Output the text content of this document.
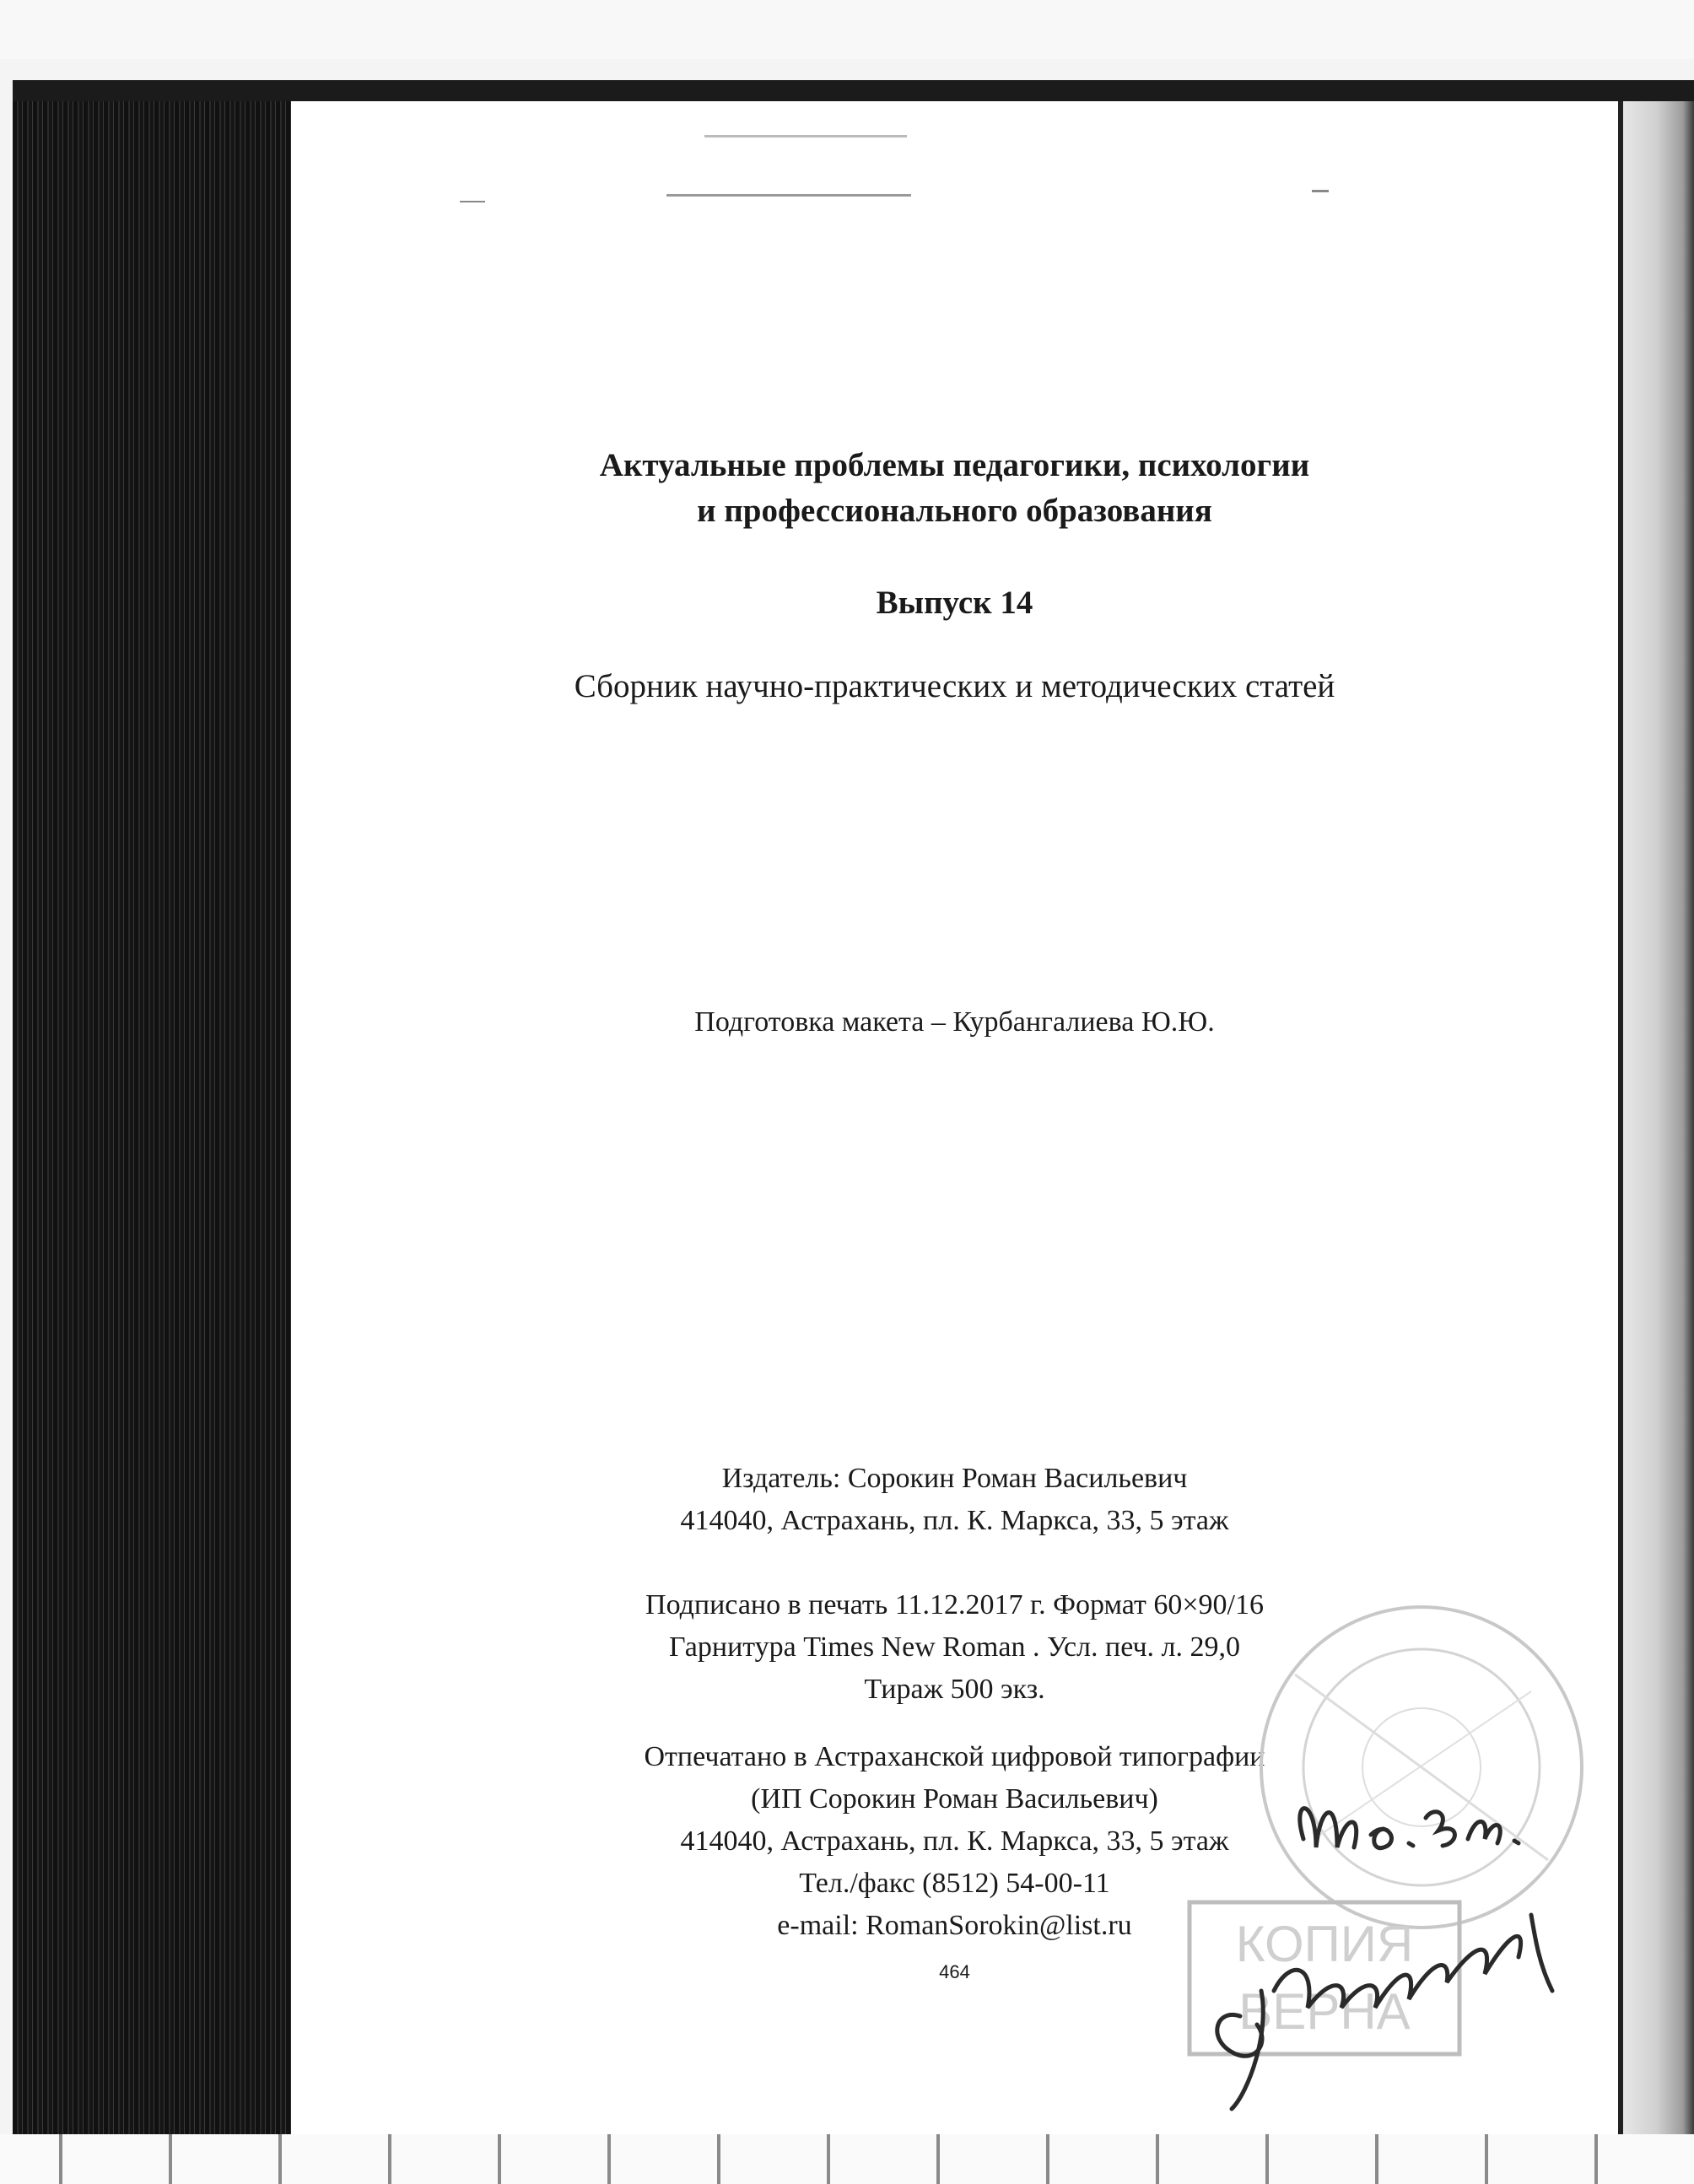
Актуальные проблемы педагогики, психологии
и профессионального образования
Выпуск 14
Сборник научно-практических и методических статей
Подготовка макета – Курбангалиева Ю.Ю.
Издатель: Сорокин Роман Васильевич
414040, Астрахань, пл. К. Маркса, 33, 5 этаж
Подписано в печать 11.12.2017 г. Формат 60×90/16
Гарнитура Times New Roman . Усл. печ. л. 29,0
Тираж 500 экз.
Отпечатано в Астраханской цифровой типографии
(ИП Сорокин Роман Васильевич)
414040, Астрахань, пл. К. Маркса, 33, 5 этаж
Тел./факс (8512) 54-00-11
e-mail: RomanSorokin@list.ru
464	КОПИЯ
ВЕРНА
